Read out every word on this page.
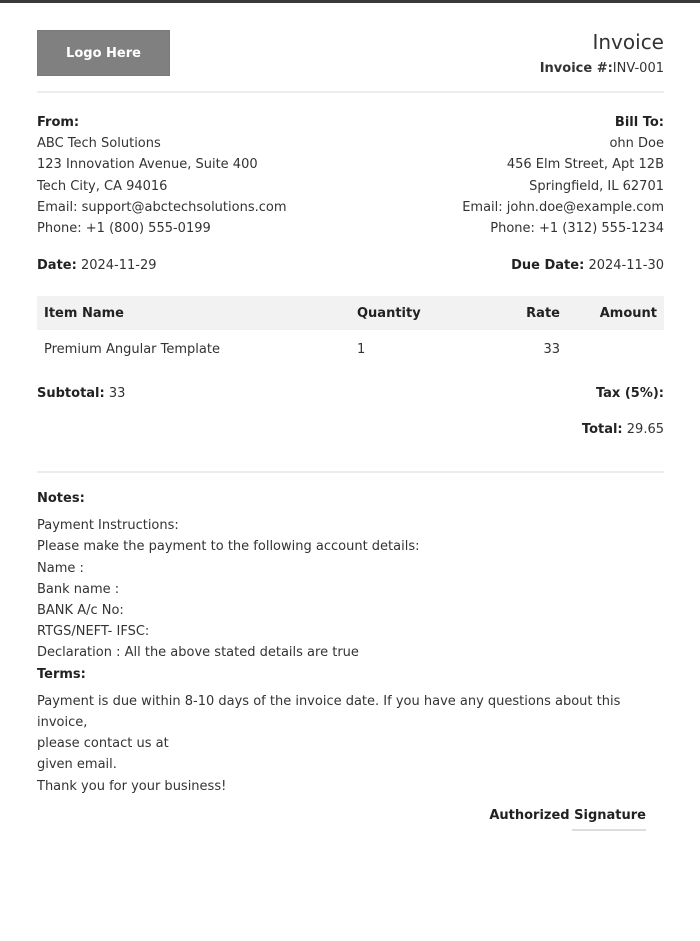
Logo Here	Invoice
Invoice #:INV-001
From:
ABC Tech Solutions
123 Innovation Avenue, Suite 400
Tech City, CA 94016
Email: support@abctechsolutions.com
Phone: +1 (800) 555-0199
Bill To:
ohn Doe
456 Elm Street, Apt 12B
Springfield, IL 62701
Email: john.doe@example.com
Phone: +1 (312) 555-1234
Date: 2024-11-29	Due Date: 2024-11-30
Item Name	Quantity	Rate	Amount
Premium Angular Template	1	33	
Subtotal: 33	Tax (5%):
Total: 29.65
Notes:
Payment Instructions:
Please make the payment to the following account details:
Name :
Bank name :
BANK A/c No:
RTGS/NEFT- IFSC:
Declaration : All the above stated details are true
Terms:
Payment is due within 8-10 days of the invoice date. If you have any questions about this invoice,
please contact us at
given email.
Thank you for your business!
Authorized Signature
